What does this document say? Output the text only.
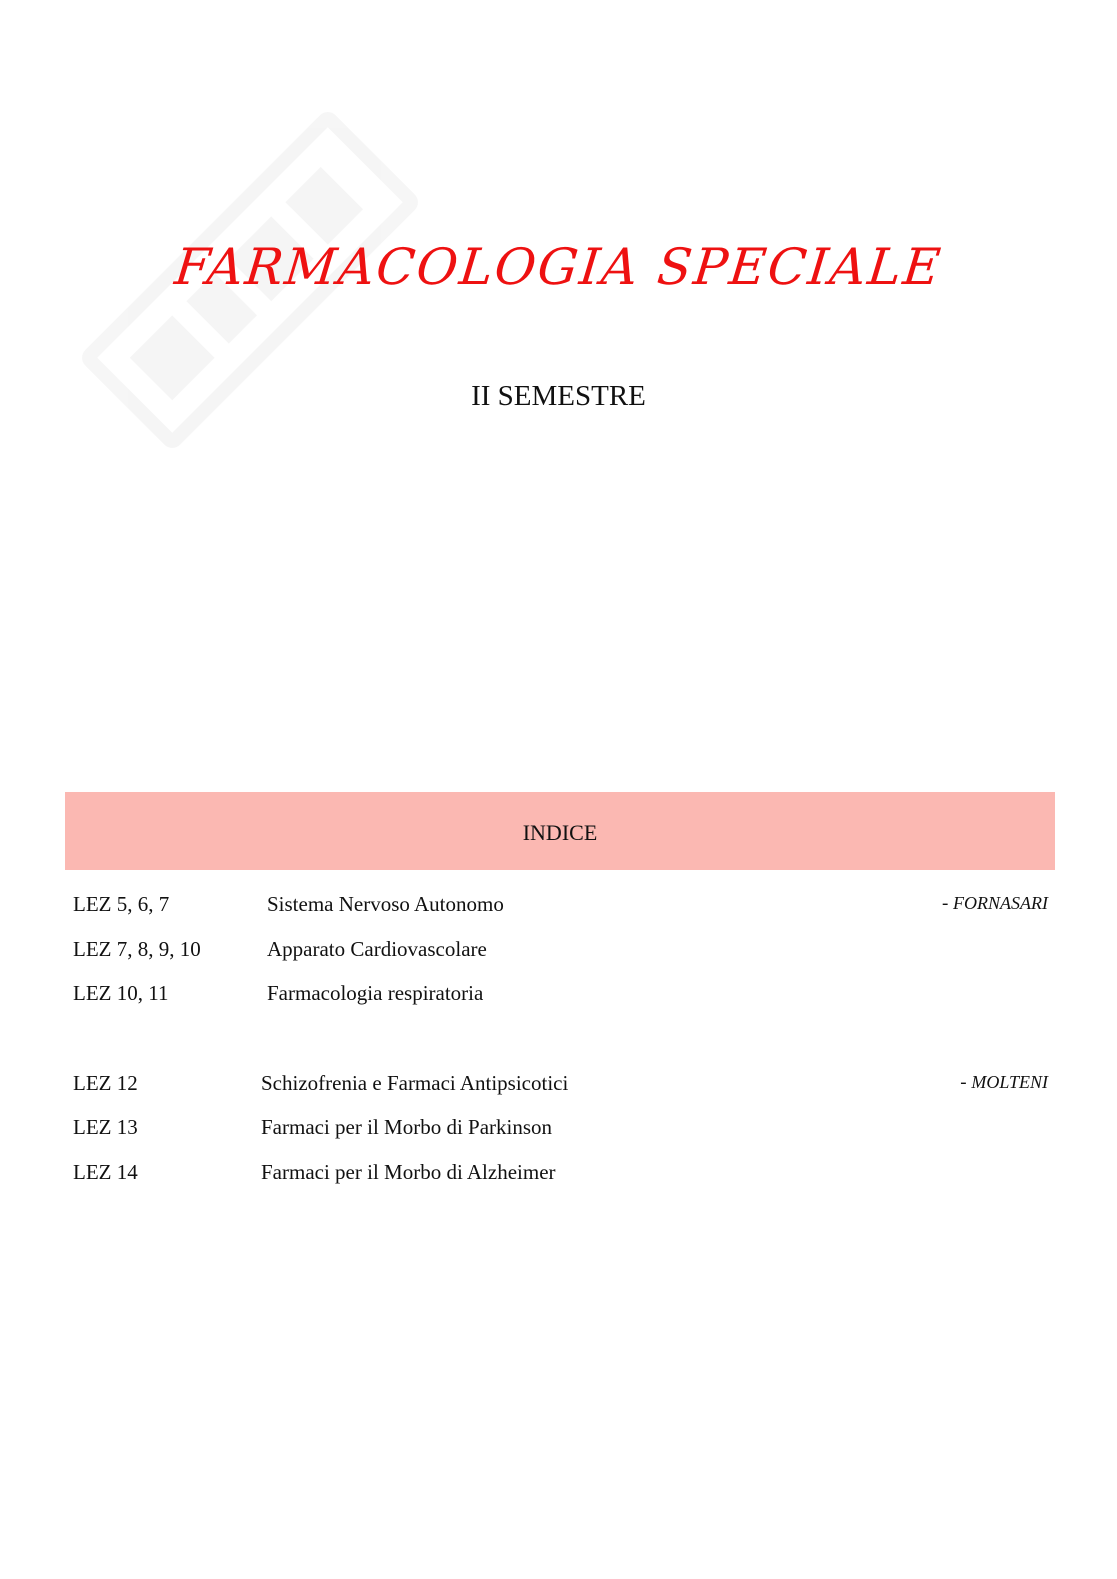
FARMACOLOGIA SPECIALE
II SEMESTRE
INDICE
LEZ 5, 6, 7	Sistema Nervoso Autonomo	- FORNASARI
LEZ 7, 8, 9, 10	Apparato Cardiovascolare
LEZ 10, 11	Farmacologia respiratoria
LEZ 12	Schizofrenia e Farmaci Antipsicotici	- MOLTENI
LEZ 13	Farmaci per il Morbo di Parkinson
LEZ 14	Farmaci per il Morbo di Alzheimer
